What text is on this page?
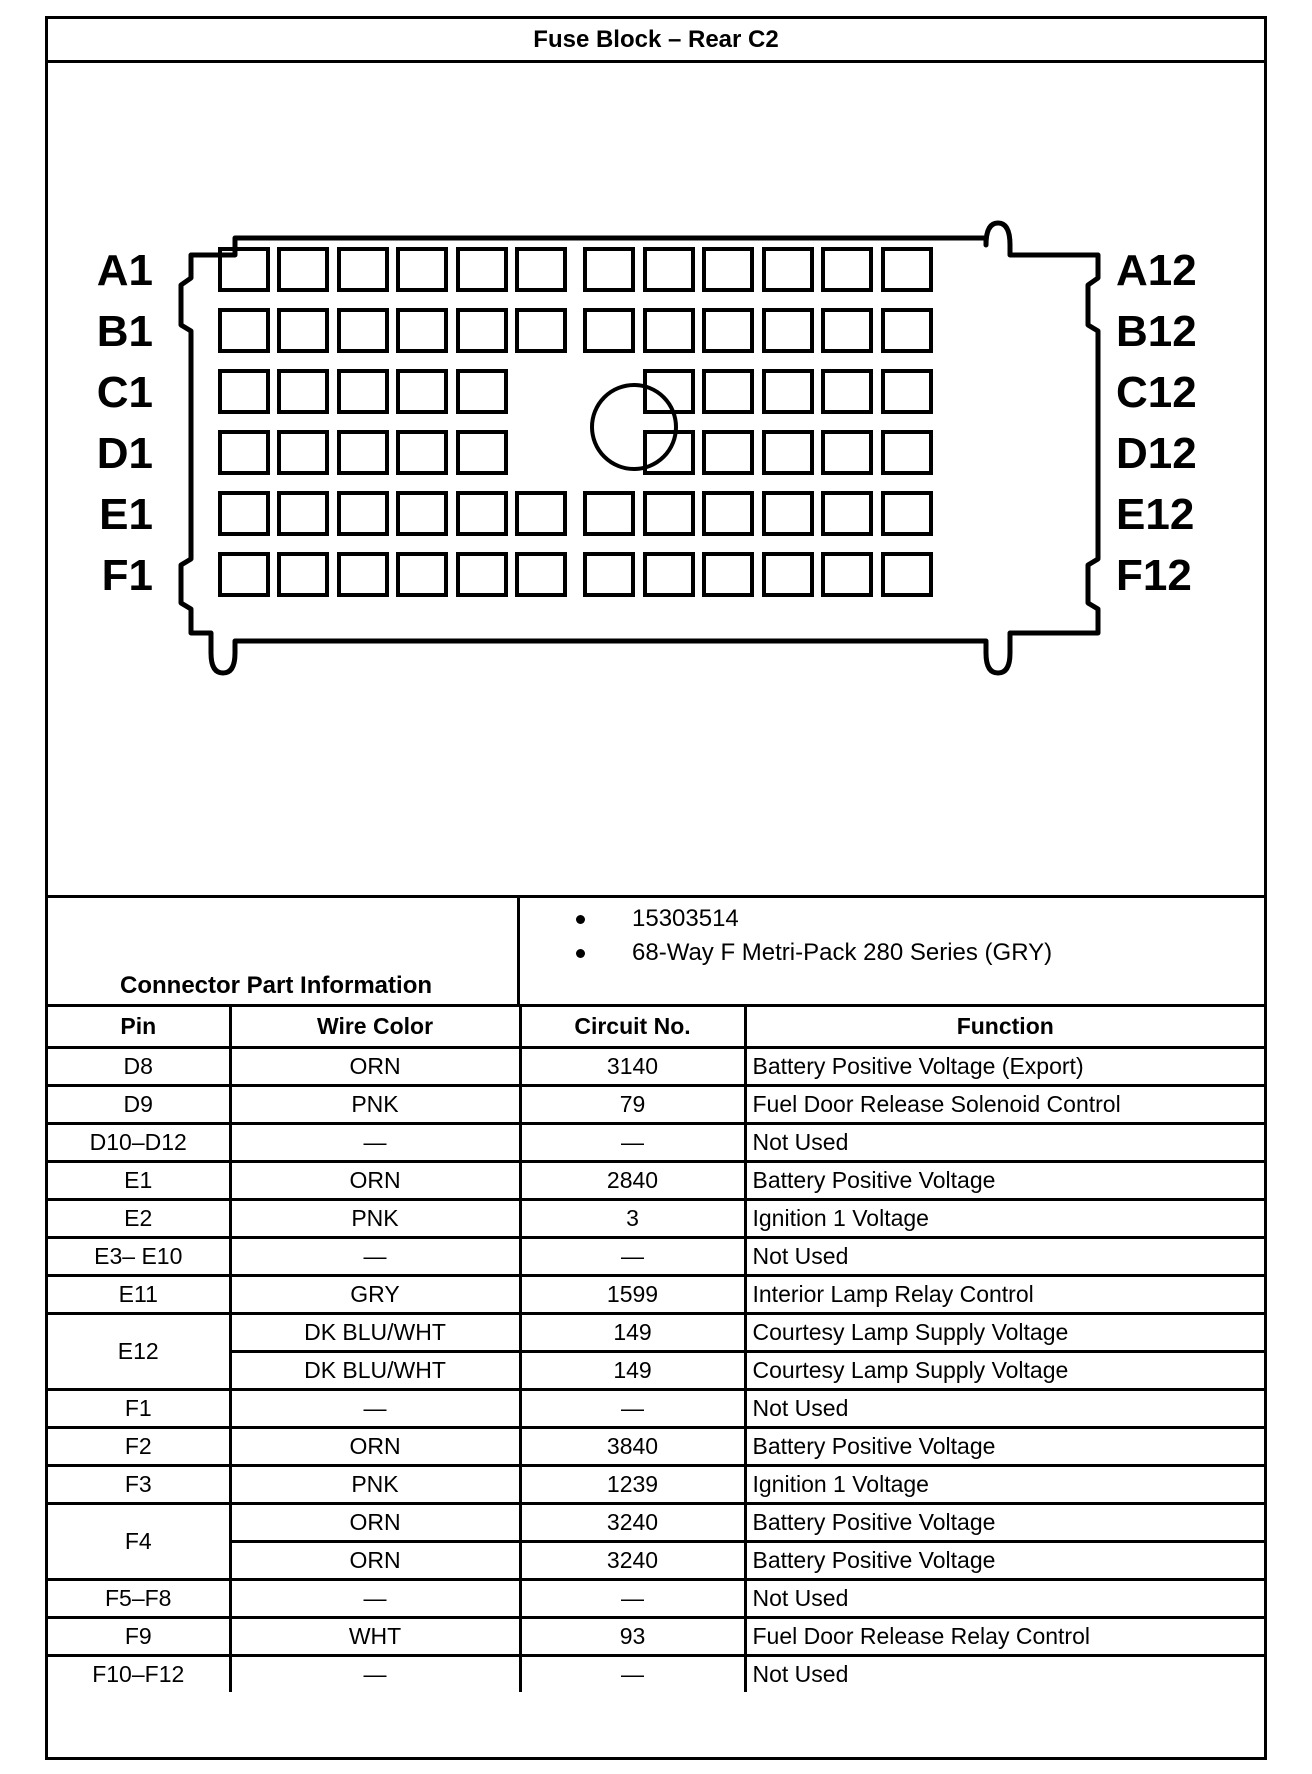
Fuse Block – Rear C2
A1
B1
C1
D1
E1
F1
A12
B12
C12
D12
E12
F12
Connector Part Information
15303514
68-Way F Metri-Pack 280 Series (GRY)
Pin	Wire Color	Circuit No.	Function
D8	ORN	3140	Battery Positive Voltage (Export)
D9	PNK	79	Fuel Door Release Solenoid Control
D10–D12	—	—	Not Used
E1	ORN	2840	Battery Positive Voltage
E2	PNK	3	Ignition 1 Voltage
E3– E10	—	—	Not Used
E11	GRY	1599	Interior Lamp Relay Control
E12	DK BLU/WHT	149	Courtesy Lamp Supply Voltage
	DK BLU/WHT	149	Courtesy Lamp Supply Voltage
F1	—	—	Not Used
F2	ORN	3840	Battery Positive Voltage
F3	PNK	1239	Ignition 1 Voltage
F4	ORN	3240	Battery Positive Voltage
	ORN	3240	Battery Positive Voltage
F5–F8	—	—	Not Used
F9	WHT	93	Fuel Door Release Relay Control
F10–F12	—	—	Not Used
